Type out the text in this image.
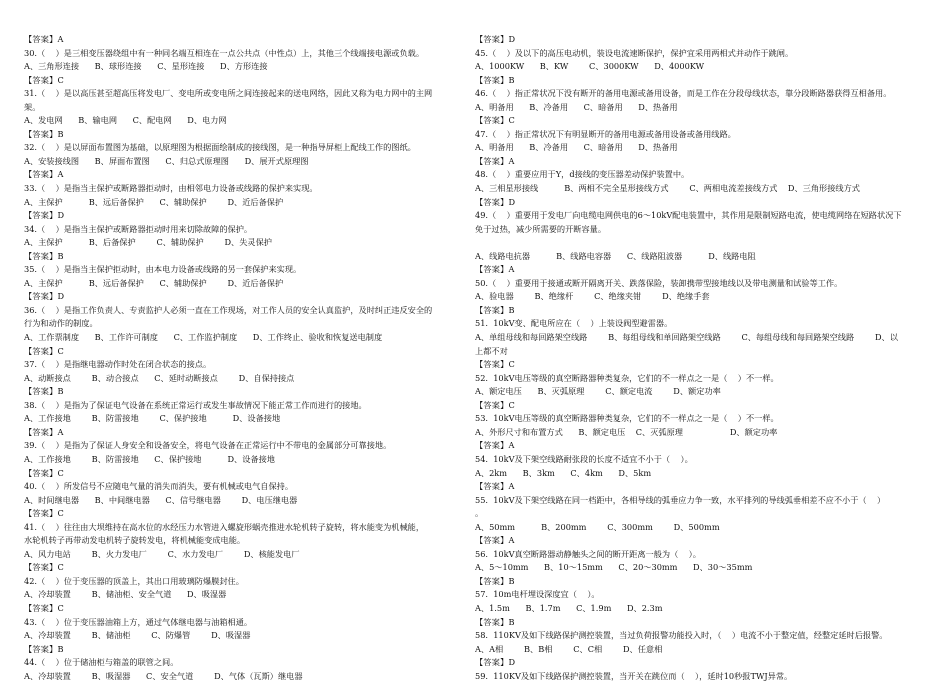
【答案】A
30.（    ）是三相变压器绕组中有一种同名端互相连在一点公共点（中性点）上，其他三个线端接电源或负载。
A、三角形连接      B、球形连接      C、星形连接      D、方形连接
【答案】C
31.（    ）是以高压甚至超高压将发电厂、变电所或变电所之间连接起来的送电网络，因此又称为电力网中的主网
架。
A、发电网      B、输电网      C、配电网      D、电力网
【答案】B
32.（    ）是以屏面布置图为基础，以原理图为根据面绘制成的接线图，是一种指导屏柜上配线工作的图纸。
A、安装接线图      B、屏面布置图      C、归总式原理图      D、展开式原理图
【答案】A
33.（    ）是指当主保护或断路器拒动时，由相邻电力设备或线路的保护来实现。
A、主保护          B、远后备保护      C、辅助保护        D、近后备保护
【答案】D
34.（    ）是指当主保护或断路器拒动时用来切除故障的保护。
A、主保护          B、后备保护        C、辅助保护        D、失灵保护
【答案】B
35.（    ）是指当主保护拒动时，由本电力设备或线路的另一套保护来实现。
A、主保护          B、远后备保护      C、辅助保护        D、近后备保护
【答案】D
36.（    ）是指工作负责人、专责监护人必须一直在工作现场，对工作人员的安全认真监护，及时纠正违反安全的
行为和动作的制度。
A、工作票制度      B、工作许可制度      C、工作监护制度      D、工作终止、验收和恢复送电制度
【答案】C
37.（    ）是指继电器动作时处在闭合状态的接点。
A、动断接点        B、动合接点      C、延时动断接点        D、自保持接点
【答案】B
38.（    ）是指为了保证电气设备在系统正常运行或发生事故情况下能正常工作而进行的接地。
A、工作接地        B、防雷接地        C、保护接地          D、设备接地
【答案】A
39.（    ）是指为了保证人身安全和设备安全，将电气设备在正常运行中不带电的金属部分可靠接地。
A、工作接地        B、防雷接地      C、保护接地          D、设备接地
【答案】C
40.（    ）所发信号不应随电气量的消失而消失，要有机械或电气自保持。
A、时间继电器      B、中间继电器      C、信号继电器        D、电压继电器
【答案】C
41.（    ）往往由大坝维持在高水位的水经压力水管进入螺旋形蜗壳推进水轮机转子旋转，将水能变为机械能，
水轮机转子再带动发电机转子旋转发电，将机械能变成电能。
A、风力电站        B、火力发电厂        C、水力发电厂        D、核能发电厂
【答案】C
42.（    ）位于变压器的顶盖上，其出口用玻璃防爆膜封住。
A、冷却装置        B、储油柜、安全气道      D、吸湿器
【答案】C
43.（    ）位于变压器油箱上方，通过气体继电器与油箱相通。
A、冷却装置        B、储油柜        C、防爆管        D、吸湿器
【答案】B
44.（    ）位于储油柜与箱盖的联管之间。
A、冷却装置        B、吸湿器      C、安全气道        D、气体（瓦斯）继电器
【答案】D
45.（    ）及以下的高压电动机，装设电流速断保护，保护宜采用两相式并动作于跳闸。
A、1000KW      B、KW        C、3000KW      D、4000KW
【答案】B
46.（    ）指正常状况下没有断开的备用电源或备用设备，而是工作在分段母线状态，靠分段断路器获得互相备用。
A、明备用      B、冷备用      C、暗备用      D、热备用
【答案】C
47.（    ）指正常状况下有明显断开的备用电源或备用设备或备用线路。
A、明备用      B、冷备用      C、暗备用      D、热备用
【答案】A
48.（    ）重要应用于Y，d接线的变压器差动保护装置中。
A、三相星形接线          B、两相不完全星形接线方式        C、两相电流差接线方式    D、三角形接线方式
【答案】D
49.（    ）重要用于发电厂向电缆电网供电的6～10kV配电装置中，其作用是限制短路电流，使电缆网络在短路状况下
免于过热，减少所需要的开断容量。
A、线路电抗器          B、线路电容器      C、线路阻波器          D、线路电阻
【答案】A
50.（    ）重要用于接通或断开隔离开关、跌落保险，装卸携带型接地线以及带电测量和试验等工作。
A、验电器        B、绝缘杆        C、绝缘夹钳        D、绝缘手套
【答案】B
51.  10kV变、配电所应在（    ）上装设阀型避雷器。
A、单组母线和每回路架空线路        B、每组母线和单回路架空线路        C、每组母线和每回路架空线路        D、以
上都不对
【答案】C
52.  10kV电压等级的真空断路器种类复杂，它们的不一样点之一是（    ）不一样。
A、额定电压      B、灭弧原理        C、额定电流        D、额定功率
【答案】C
53.  10kV电压等级的真空断路器种类复杂，它们的不一样点之一是（    ）不一样。
A、外形尺寸和布置方式      B、额定电压    C、灭弧原理                  D、额定功率
【答案】A
54.  10kV及下架空线路耐张段的长度不适宜不小于（    ）。
A、2km      B、3km      C、4km      D、5km
【答案】A
55.  10kV及下架空线路在同一档距中，各相导线的弧垂应力争一致，水平排列的导线弧垂相差不应不小于（    ）
。
A、50mm          B、200mm        C、300mm        D、500mm
【答案】A
56.  10kV真空断路器动静触头之间的断开距离一般为（    ）。
A、5～10mm      B、10～15mm      C、20～30mm      D、30～35mm
【答案】B
57.  10m电杆埋设深度宜（    ）。
A、1.5m      B、1.7m      C、1.9m      D、2.3m
【答案】B
58.  110KV及如下线路保护测控装置，当过负荷报警功能投入时，（    ）电流不小于整定值，经整定延时后报警。
A、A相        B、B相        C、C相        D、任意相
【答案】D
59.  110KV及如下线路保护测控装置，当开关在跳位而（    ），延时10秒报TWJ异常。
